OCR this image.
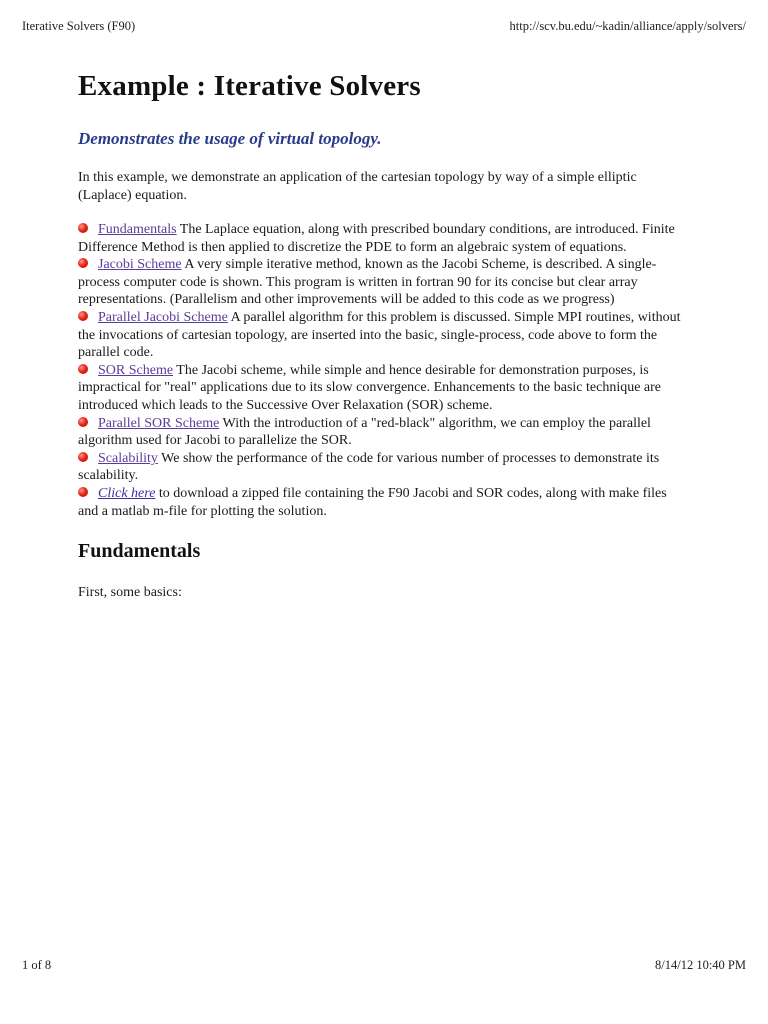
Iterative Solvers (F90)	http://scv.bu.edu/~kadin/alliance/apply/solvers/
Example : Iterative Solvers

Demonstrates the usage of virtual topology.

In this example, we demonstrate an application of the cartesian topology by way of a simple elliptic (Laplace) equation.

Fundamentals The Laplace equation, along with prescribed boundary conditions, are introduced. Finite Difference Method is then applied to discretize the PDE to form an algebraic system of equations.
Jacobi Scheme A very simple iterative method, known as the Jacobi Scheme, is described. A single-process computer code is shown. This program is written in fortran 90 for its concise but clear array representations. (Parallelism and other improvements will be added to this code as we progress)
Parallel Jacobi Scheme A parallel algorithm for this problem is discussed. Simple MPI routines, without the invocations of cartesian topology, are inserted into the basic, single-process, code above to form the parallel code.
SOR Scheme The Jacobi scheme, while simple and hence desirable for demonstration purposes, is impractical for "real" applications due to its slow convergence. Enhancements to the basic technique are introduced which leads to the Successive Over Relaxation (SOR) scheme.
Parallel SOR Scheme With the introduction of a "red-black" algorithm, we can employ the parallel algorithm used for Jacobi to parallelize the SOR.
Scalability We show the performance of the code for various number of processes to demonstrate its scalability.
Click here to download a zipped file containing the F90 Jacobi and SOR codes, along with make files and a matlab m-file for plotting the solution.
Fundamentals

First, some basics:

1 of 8	8/14/12 10:40 PM
